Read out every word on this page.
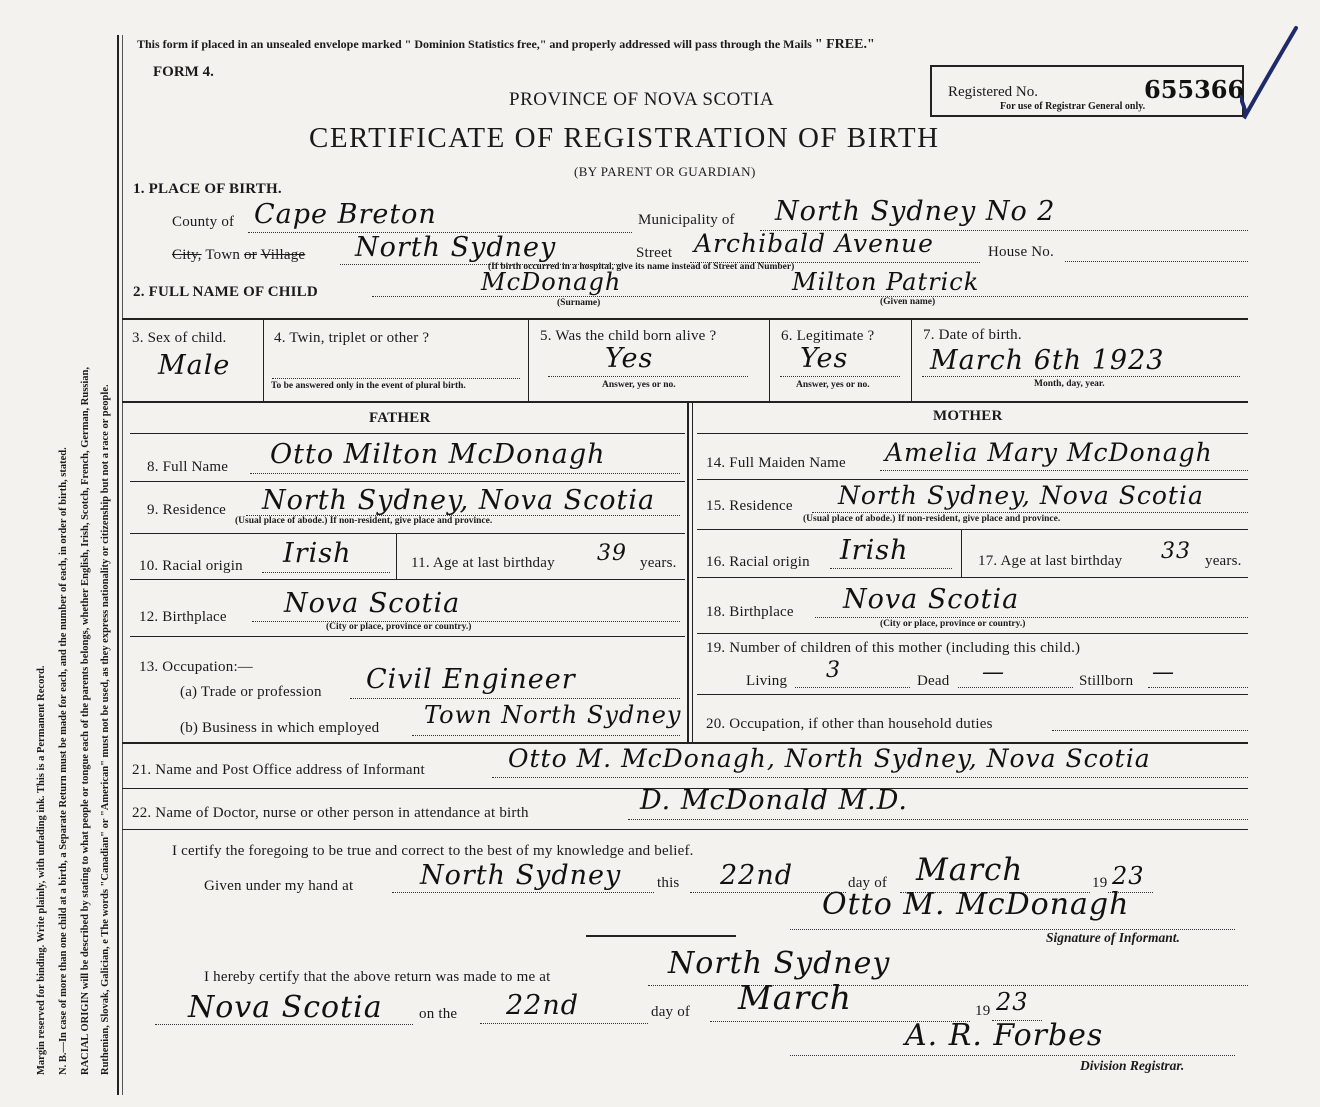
Margin reserved for binding. Write plainly, with unfading ink. This is a Permanent Record. N. B.—In case of more than one child at a birth, a Separate Return must be made for each, and the number of each, in order of birth, stated. RACIAL ORIGIN will be described by stating to what people or tongue each of the parents belongs, whether English, Irish, Scotch, French, German, Russian, Ruthenian, Slovak, Galician, e The words "Canadian" or "American" must not be used, as they express nationality or citizenship but not a race or people.
This form if placed in an unsealed envelope marked " Dominion Statistics free," and properly addressed will pass through the Mails " FREE."
FORM 4.
PROVINCE OF NOVA SCOTIA	Registered No.	655366
For use of Registrar General only.
CERTIFICATE OF REGISTRATION OF BIRTH
(BY PARENT OR GUARDIAN)
1. PLACE OF BIRTH.
County of Cape Breton	Municipality of North Sydney No 2
City, Town or Village North Sydney	Street Archibald Avenue	House No.
(If birth occurred in a hospital, give its name instead of Street and Number)
2. FULL NAME OF CHILD	McDonagh	Milton Patrick
(Surname)	(Given name)
3. Sex of child.
Male
4. Twin, triplet or other ?
To be answered only in the event of plural birth.
5. Was the child born alive ?
Yes
Answer, yes or no.
6. Legitimate ?
Yes
Answer, yes or no.
7. Date of birth.
March 6th 1923
Month, day, year.
FATHER	MOTHER
8. Full Name Otto Milton McDonagh
9. Residence North Sydney, Nova Scotia
(Usual place of abode.) If non-resident, give place and province.
10. Racial origin Irish	11. Age at last birthday 39 years.
12. Birthplace Nova Scotia
(City or place, province or country.)
13. Occupation:—
(a) Trade or profession Civil Engineer
(b) Business in which employed Town North Sydney
14. Full Maiden Name Amelia Mary McDonagh
15. Residence North Sydney, Nova Scotia
(Usual place of abode.) If non-resident, give place and province.
16. Racial origin Irish	17. Age at last birthday 33 years.
18. Birthplace Nova Scotia
(City or place, province or country.)
19. Number of children of this mother (including this child.)
Living 3	Dead —	Stillborn —
20. Occupation, if other than household duties
21. Name and Post Office address of Informant	Otto M. McDonagh, North Sydney, Nova Scotia
22. Name of Doctor, nurse or other person in attendance at birth	D. McDonald M.D.
I certify the foregoing to be true and correct to the best of my knowledge and belief.
Given under my hand at North Sydney this 22nd	day of March	19 23
Otto M. McDonagh
Signature of Informant.
I hereby certify that the above return was made to me at	North Sydney
Nova Scotia on the 22nd	day of March	19 23
A. R. Forbes
Division Registrar.
